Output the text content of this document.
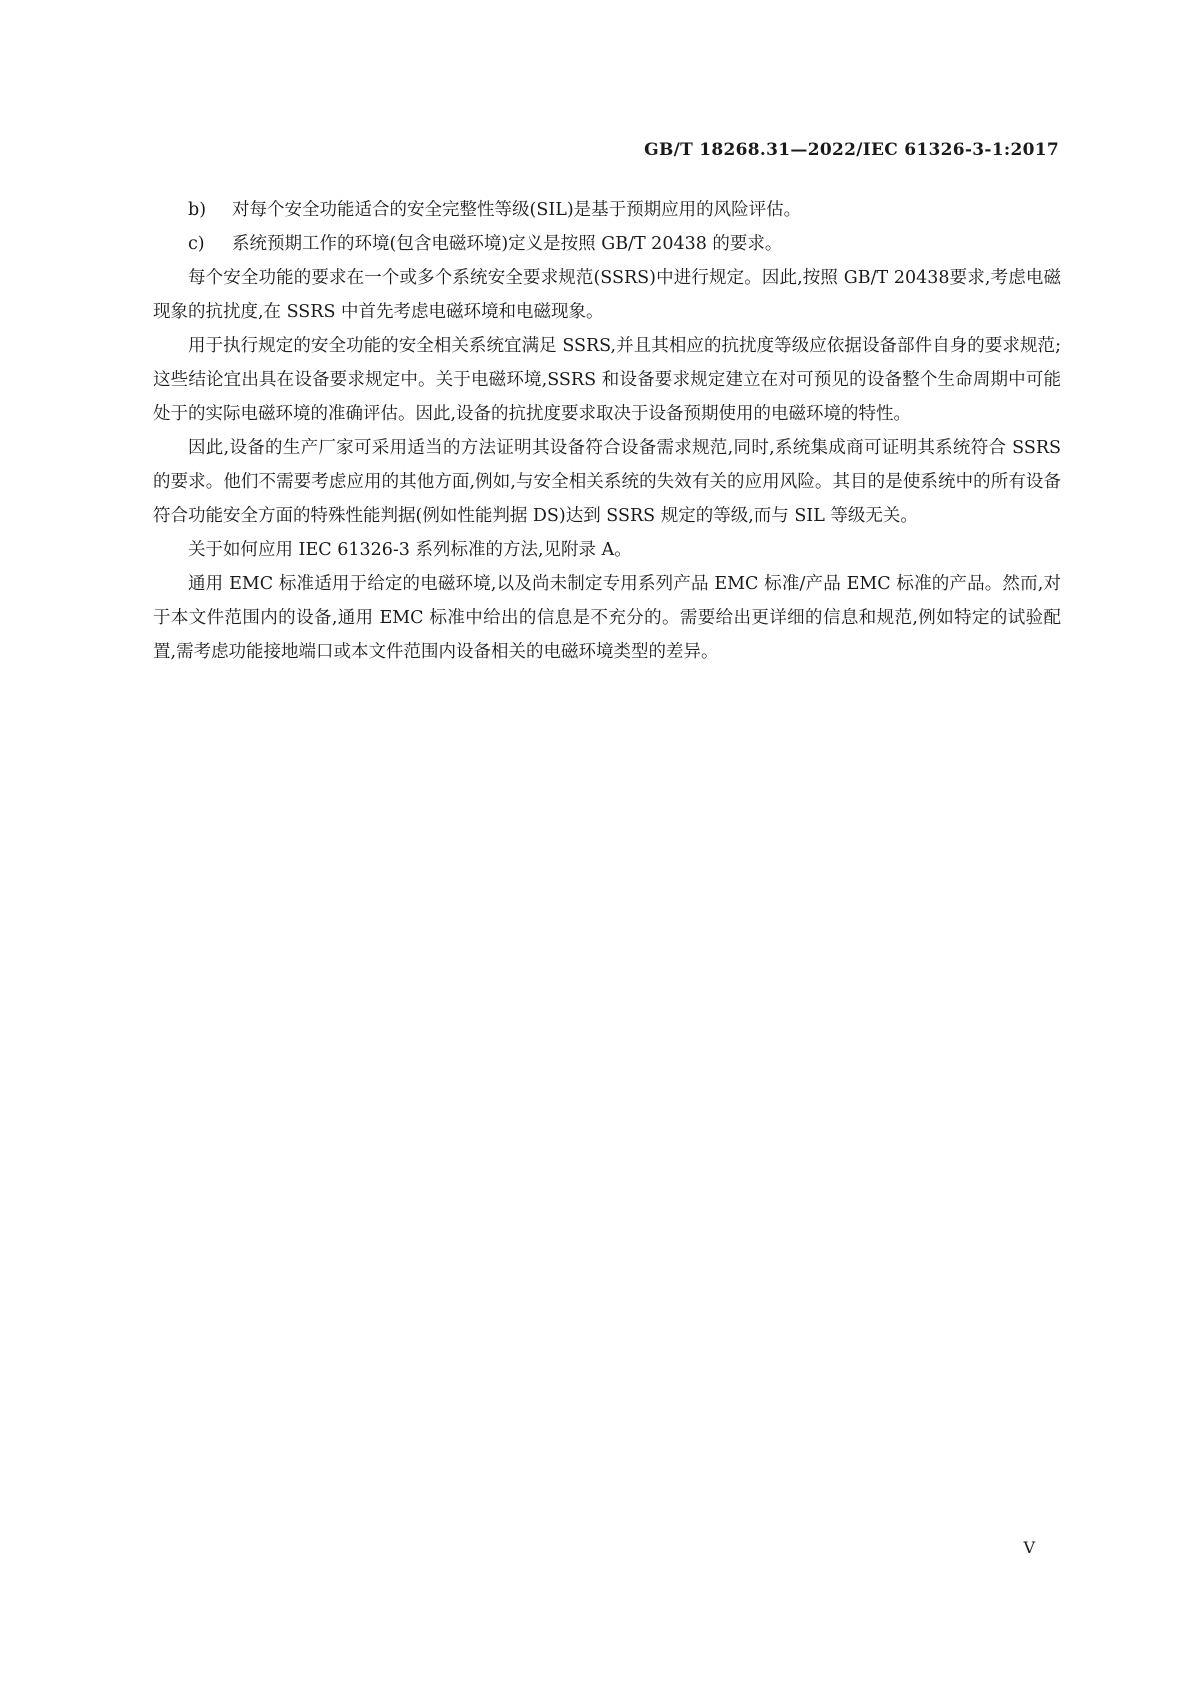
GB/T 18268.31—2022/IEC 61326-3-1:2017
b) 对每个安全功能适合的安全完整性等级(SIL)是基于预期应用的风险评估。
c) 系统预期工作的环境(包含电磁环境)定义是按照 GB/T 20438 的要求。

每个安全功能的要求在一个或多个系统安全要求规范(SSRS)中进行规定。因此,按照 GB/T 20438要求,考虑电磁现象的抗扰度,在 SSRS 中首先考虑电磁环境和电磁现象。

用于执行规定的安全功能的安全相关系统宜满足 SSRS,并且其相应的抗扰度等级应依据设备部件自身的要求规范;这些结论宜出具在设备要求规定中。关于电磁环境,SSRS 和设备要求规定建立在对可预见的设备整个生命周期中可能处于的实际电磁环境的准确评估。因此,设备的抗扰度要求取决于设备预期使用的电磁环境的特性。

因此,设备的生产厂家可采用适当的方法证明其设备符合设备需求规范,同时,系统集成商可证明其系统符合 SSRS 的要求。他们不需要考虑应用的其他方面,例如,与安全相关系统的失效有关的应用风险。其目的是使系统中的所有设备符合功能安全方面的特殊性能判据(例如性能判据 DS)达到 SSRS 规定的等级,而与 SIL 等级无关。

关于如何应用 IEC 61326-3 系列标准的方法,见附录 A。

通用 EMC 标准适用于给定的电磁环境,以及尚未制定专用系列产品 EMC 标准/产品 EMC 标准的产品。然而,对于本文件范围内的设备,通用 EMC 标准中给出的信息是不充分的。需要给出更详细的信息和规范,例如特定的试验配置,需考虑功能接地端口或本文件范围内设备相关的电磁环境类型的差异。

V
